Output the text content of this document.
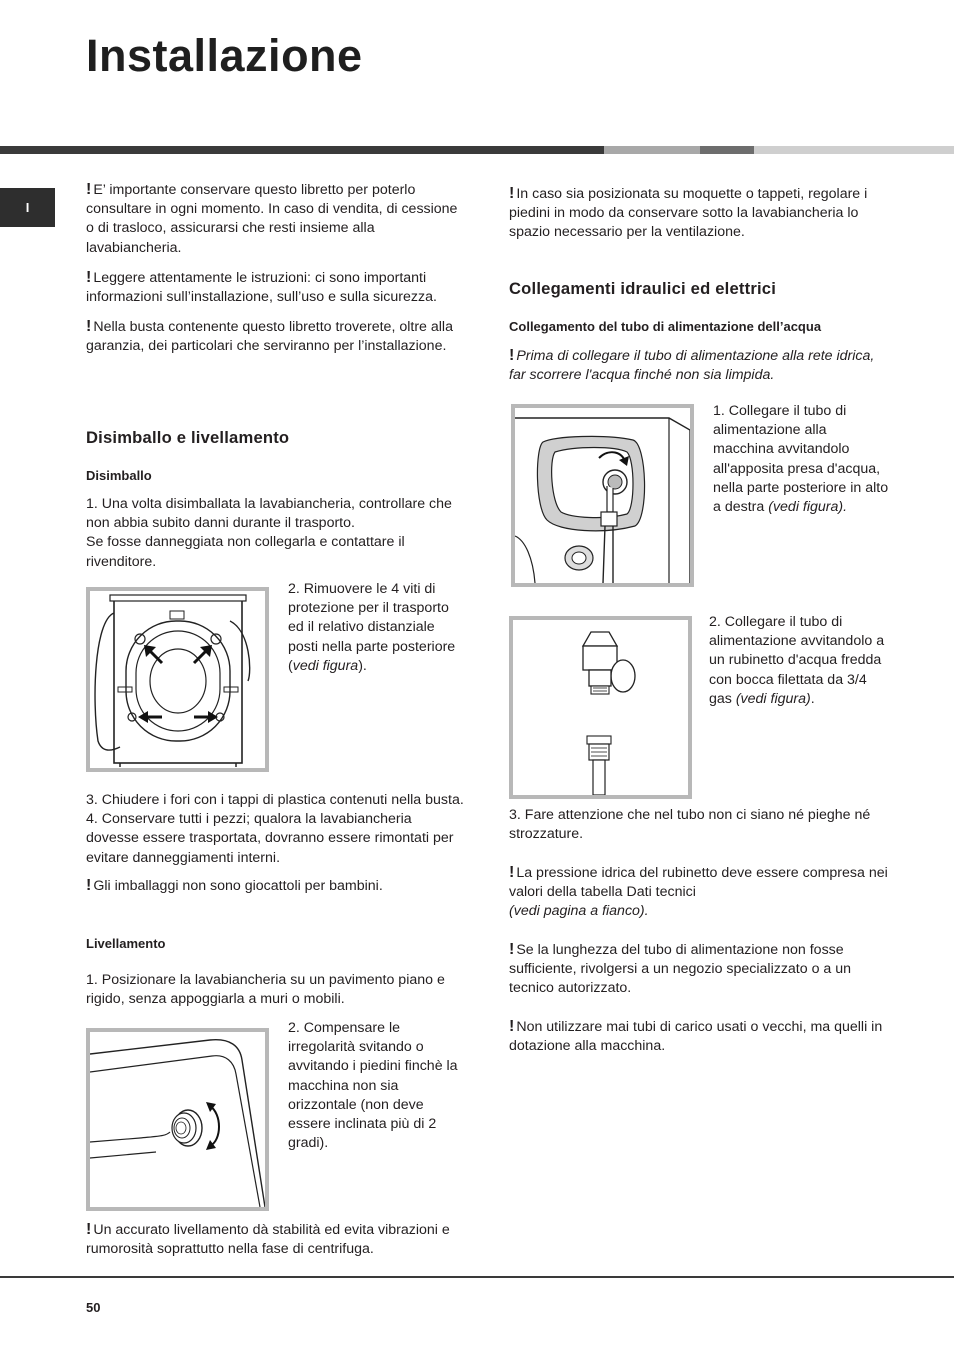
Installazione
I

! E’ importante conservare questo libretto per poterlo consultare in ogni momento. In caso di vendita, di cessione o di trasloco, assicurarsi che resti insieme alla lavabiancheria.

! Leggere attentamente le istruzioni: ci sono importanti informazioni sull’installazione, sull’uso e sulla sicurezza.

! Nella busta contenente questo libretto troverete, oltre alla garanzia, dei particolari che serviranno per l’installazione.

Disimballo e livellamento
Disimballo

1. Una volta disimballata la lavabiancheria, controllare che non abbia subito danni durante il trasporto.

Se fosse danneggiata non collegarla e contattare il rivenditore.

2. Rimuovere le 4 viti di protezione per il trasporto ed il relativo distanziale posti nella parte posteriore (vedi figura).

3. Chiudere i fori con i tappi di plastica contenuti nella busta.

4. Conservare tutti i pezzi; qualora la lavabiancheria dovesse essere trasportata, dovranno essere rimontati per evitare danneggiamenti interni.

! Gli imballaggi non sono giocattoli per bambini.

Livellamento

1. Posizionare la lavabiancheria su un pavimento piano e rigido, senza appoggiarla a muri o mobili.

2. Compensare le irregolarità svitando o avvitando i piedini finchè la macchina non sia orizzontale (non deve essere inclinata più di 2 gradi).

! Un accurato livellamento dà stabilità ed evita vibrazioni e rumorosità soprattutto nella fase di centrifuga.

! In caso sia posizionata su moquette o tappeti, regolare i piedini in modo da conservare sotto la lavabiancheria lo spazio necessario per la ventilazione.

Collegamenti idraulici ed elettrici
Collegamento del tubo di alimentazione dell’acqua

! Prima di collegare il tubo di alimentazione alla rete idrica, far scorrere l'acqua finché non sia limpida.

1. Collegare il tubo di alimentazione alla macchina avvitandolo all'apposita presa d'acqua, nella parte posteriore in alto a destra (vedi figura).
2. Collegare il tubo di alimentazione avvitandolo a un rubinetto d'acqua fredda con bocca filettata da 3/4 gas (vedi figura).

3. Fare attenzione che nel tubo non ci siano né pieghe né strozzature.

! La pressione idrica del rubinetto deve essere compresa nei valori della tabella Dati tecnici

(vedi pagina a fianco).

! Se la lunghezza del tubo di alimentazione non fosse sufficiente, rivolgersi a un negozio specializzato o a un tecnico autorizzato.

! Non utilizzare mai tubi di carico usati o vecchi, ma quelli in dotazione alla macchina.

50
